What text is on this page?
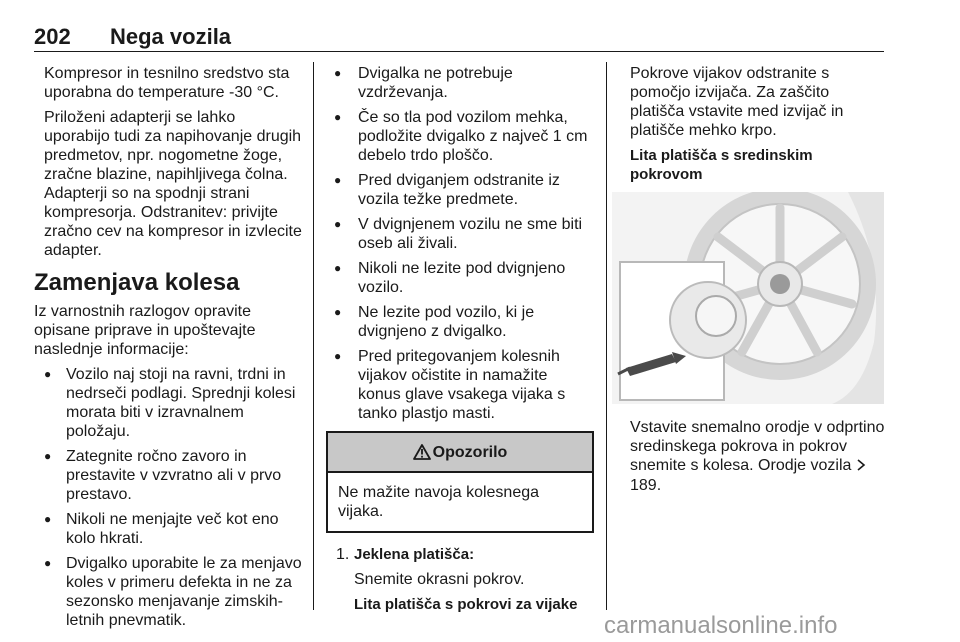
202 Nega vozila

Kompresor in tesnilno sredstvo sta uporabna do temperature -30 °C.

Priloženi adapterji se lahko uporabijo tudi za napihovanje drugih predmetov, npr. nogometne žoge, zračne blazine, napihljivega čolna. Adapterji so na spodnji strani kompresorja. Odstranitev: privijte zračno cev na kompresor in izvlecite adapter.

Zamenjava kolesa

Iz varnostnih razlogov opravite opisane priprave in upoštevajte naslednje informacije:

● Vozilo naj stoji na ravni, trdni in nedrseči podlagi. Sprednji kolesi morata biti v izravnalnem položaju.
● Zategnite ročno zavoro in prestavite v vzvratno ali v prvo prestavo.
● Nikoli ne menjajte več kot eno kolo hkrati.
● Dvigalko uporabite le za menjavo koles v primeru defekta in ne za sezonsko menjavanje zimskih- letnih pnevmatik.
● Dvigalka ne potrebuje vzdrževanja.
● Če so tla pod vozilom mehka, podložite dvigalko z največ 1 cm debelo trdo ploščo.
● Pred dviganjem odstranite iz vozila težke predmete.
● V dvignjenem vozilu ne sme biti oseb ali živali.
● Nikoli ne lezite pod dvignjeno vozilo.
● Ne lezite pod vozilo, ki je dvignjeno z dvigalko.
● Pred pritegovanjem kolesnih vijakov očistite in namažite konus glave vsakega vijaka s tanko plastjo masti.
Opozorilo
Ne mažite navoja kolesnega vijaka.
1. Jeklena platišča:
Snemite okrasni pokrov.
Lita platišča s pokrovi za vijake

Pokrove vijakov odstranite s pomočjo izvijača. Za zaščito platišča vstavite med izvijač in platišče mehko krpo.

Lita platišča s sredinskim pokrovom

Vstavite snemalno orodje v odprtino sredinskega pokrova in pokrov snemite s kolesa. Orodje vozila  189.

carmanualsonline.info
